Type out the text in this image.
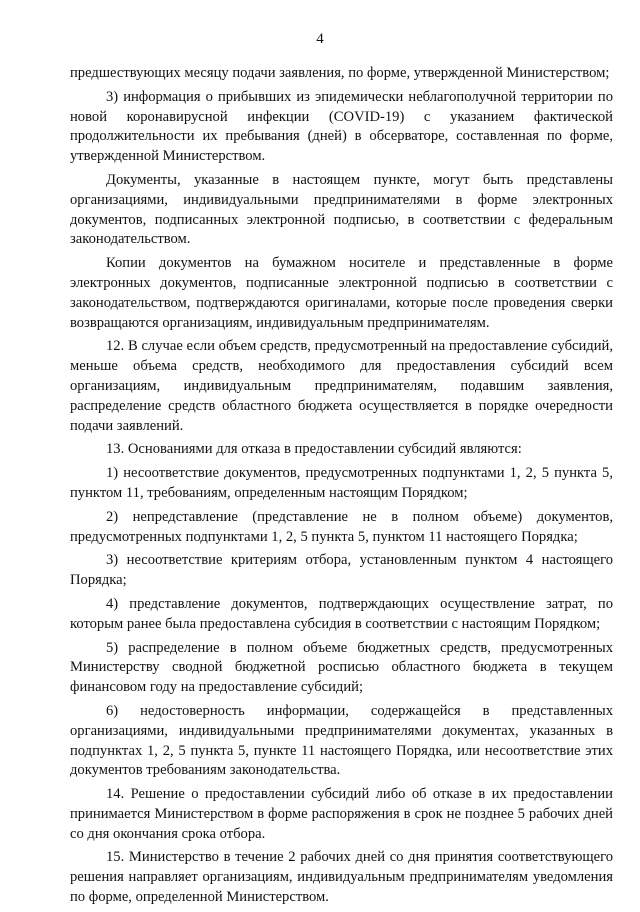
4

предшествующих месяцу подачи заявления, по форме, утвержденной Министерством;

3) информация о прибывших из эпидемически неблагополучной территории по новой коронавирусной инфекции (COVID-19) с указанием фактической продолжительности их пребывания (дней) в обсерваторе, составленная по форме, утвержденной Министерством.

Документы, указанные в настоящем пункте, могут быть представлены организациями, индивидуальными предпринимателями в форме электронных документов, подписанных электронной подписью, в соответствии с федеральным законодательством.

Копии документов на бумажном носителе и представленные в форме электронных документов, подписанные электронной подписью в соответствии с законодательством, подтверждаются оригиналами, которые после проведения сверки возвращаются организациям, индивидуальным предпринимателям.

12. В случае если объем средств, предусмотренный на предоставление субсидий, меньше объема средств, необходимого для предоставления субсидий всем организациям, индивидуальным предпринимателям, подавшим заявления, распределение средств областного бюджета осуществляется в порядке очередности подачи заявлений.

13. Основаниями для отказа в предоставлении субсидий являются:

1) несоответствие документов, предусмотренных подпунктами 1, 2, 5 пункта 5, пунктом 11, требованиям, определенным настоящим Порядком;

2) непредставление (представление не в полном объеме) документов, предусмотренных подпунктами 1, 2, 5 пункта 5, пунктом 11 настоящего Порядка;

3) несоответствие критериям отбора, установленным пунктом 4 настоящего Порядка;

4) представление документов, подтверждающих осуществление затрат, по которым ранее была предоставлена субсидия в соответствии с настоящим Порядком;

5) распределение в полном объеме бюджетных средств, предусмотренных Министерству сводной бюджетной росписью областного бюджета в текущем финансовом году на предоставление субсидий;

6) недостоверность информации, содержащейся в представленных организациями, индивидуальными предпринимателями документах, указанных в подпунктах 1, 2, 5 пункта 5, пункте 11 настоящего Порядка, или несоответствие этих документов требованиям законодательства.

14. Решение о предоставлении субсидий либо об отказе в их предоставлении принимается Министерством в форме распоряжения в срок не позднее 5 рабочих дней со дня окончания срока отбора.

15. Министерство в течение 2 рабочих дней со дня принятия соответствующего решения направляет организациям, индивидуальным предпринимателям уведомления по форме, определенной Министерством.
